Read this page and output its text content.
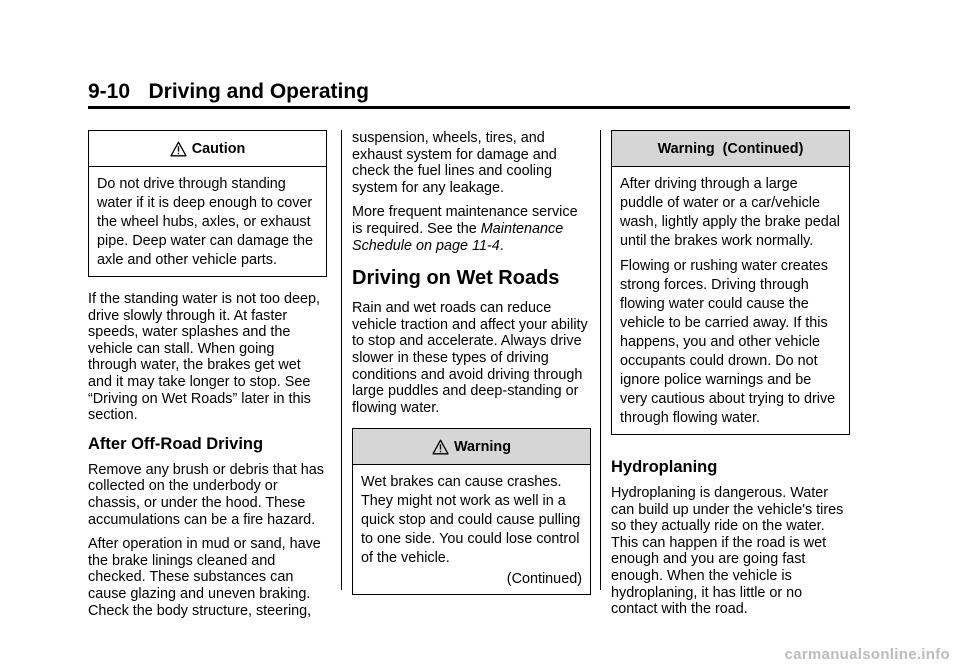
9-10 Driving and Operating
Caution

Do not drive through standing water if it is deep enough to cover the wheel hubs, axles, or exhaust pipe. Deep water can damage the axle and other vehicle parts.

If the standing water is not too deep, drive slowly through it. At faster speeds, water splashes and the vehicle can stall. When going through water, the brakes get wet and it may take longer to stop. See “Driving on Wet Roads” later in this section.

After Off-Road Driving

Remove any brush or debris that has collected on the underbody or chassis, or under the hood. These accumulations can be a fire hazard.

After operation in mud or sand, have the brake linings cleaned and checked. These substances can cause glazing and uneven braking. Check the body structure, steering,

suspension, wheels, tires, and exhaust system for damage and check the fuel lines and cooling system for any leakage.

More frequent maintenance service is required. See the Maintenance Schedule on page 11-4.

Driving on Wet Roads

Rain and wet roads can reduce vehicle traction and affect your ability to stop and accelerate. Always drive slower in these types of driving conditions and avoid driving through large puddles and deep-standing or flowing water.

Warning

Wet brakes can cause crashes. They might not work as well in a quick stop and could cause pulling to one side. You could lose control of the vehicle.

(Continued)
Warning  (Continued)

After driving through a large puddle of water or a car/vehicle wash, lightly apply the brake pedal until the brakes work normally.

Flowing or rushing water creates strong forces. Driving through flowing water could cause the vehicle to be carried away. If this happens, you and other vehicle occupants could drown. Do not ignore police warnings and be very cautious about trying to drive through flowing water.

Hydroplaning

Hydroplaning is dangerous. Water can build up under the vehicle's tires so they actually ride on the water. This can happen if the road is wet enough and you are going fast enough. When the vehicle is hydroplaning, it has little or no contact with the road.

carmanualsonline.info
